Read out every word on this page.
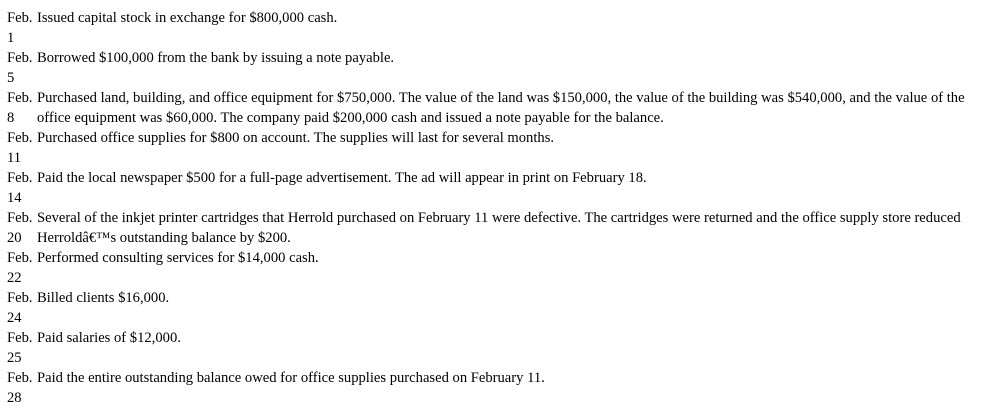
Feb.
1
Issued capital stock in exchange for $800,000 cash.
Feb.
5
Borrowed $100,000 from the bank by issuing a note payable.
Feb.
8
Purchased land, building, and office equipment for $750,000. The value of the land was $150,000, the value of the building was $540,000, and the value of the office equipment was $60,000. The company paid $200,000 cash and issued a note payable for the balance.
Feb.
11
Purchased office supplies for $800 on account. The supplies will last for several months.
Feb.
14
Paid the local newspaper $500 for a full-page advertisement. The ad will appear in print on February 18.
Feb.
20
Several of the inkjet printer cartridges that Herrold purchased on February 11 were defective. The cartridges were returned and the office supply store reduced Herroldâ€™s outstanding balance by $200.
Feb.
22
Performed consulting services for $14,000 cash.
Feb.
24
Billed clients $16,000.
Feb.
25
Paid salaries of $12,000.
Feb.
28
Paid the entire outstanding balance owed for office supplies purchased on February 11.
